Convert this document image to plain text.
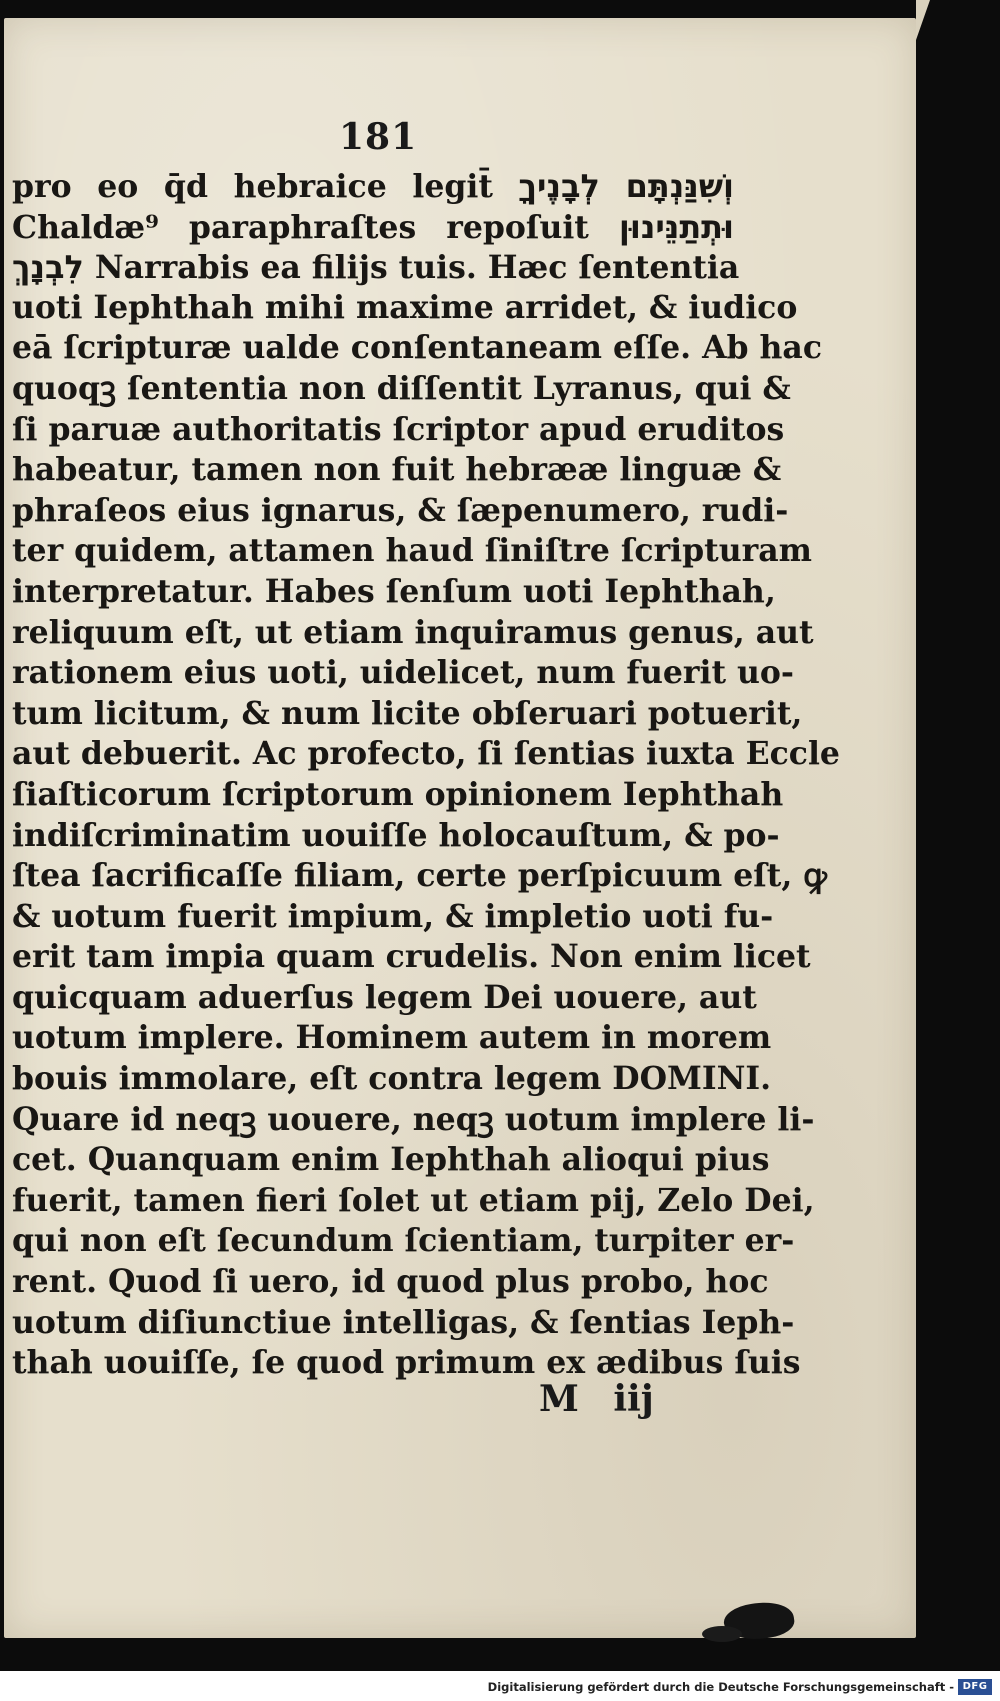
181
pro eo q̄d hebraice legit̄ וְשִׁנַּנְתָּם לְבָנֶיךָ
Chaldæ⁹ paraphraſtes repoſuit וּתְתַנֵּינוּן
לִבְנָךְ Narrabis ea filijs tuis. Hæc ſententia
uoti Iephthah mihi maxime arridet, & iudico
eā ſcripturæ ualde conſentaneam eſſe. Ab hac
quoqꝫ ſententia non diſſentit Lyranus, qui &
ſi paruæ authoritatis ſcriptor apud eruditos
habeatur, tamen non fuit hebrææ linguæ &
phraſeos eius ignarus, & ſæpenumero, rudi-
ter quidem, attamen haud ſiniſtre ſcripturam
interpretatur. Habes ſenſum uoti Iephthah,
reliquum eſt, ut etiam inquiramus genus, aut
rationem eius uoti, uidelicet, num fuerit uo-
tum licitum, & num licite obſeruari potuerit,
aut debuerit. Ac profecto, ſi ſentias iuxta Eccle
ſiaſticorum ſcriptorum opinionem Iephthah
indiſcriminatim uouiſſe holocauſtum, & po-
ſtea ſacrificaſſe filiam, certe perſpicuum eſt, ꝙ
& uotum fuerit impium, & impletio uoti fu-
erit tam impia quam crudelis. Non enim licet
quicquam aduerſus legem Dei uouere, aut
uotum implere. Hominem autem in morem
bouis immolare, eſt contra legem DOMINI.
Quare id neqꝫ uouere, neqꝫ uotum implere li-
cet. Quanquam enim Iephthah alioqui pius
fuerit, tamen fieri ſolet ut etiam pij, Zelo Dei,
qui non eſt ſecundum ſcientiam, turpiter er-
rent. Quod ſi uero, id quod plus probo, hoc
uotum diſiunctiue intelligas, & ſentias Ieph-
thah uouiſſe, ſe quod primum ex ædibus ſuis
M iij
Digitalisierung gefördert durch die Deutsche Forschungsgemeinschaft - DFG
